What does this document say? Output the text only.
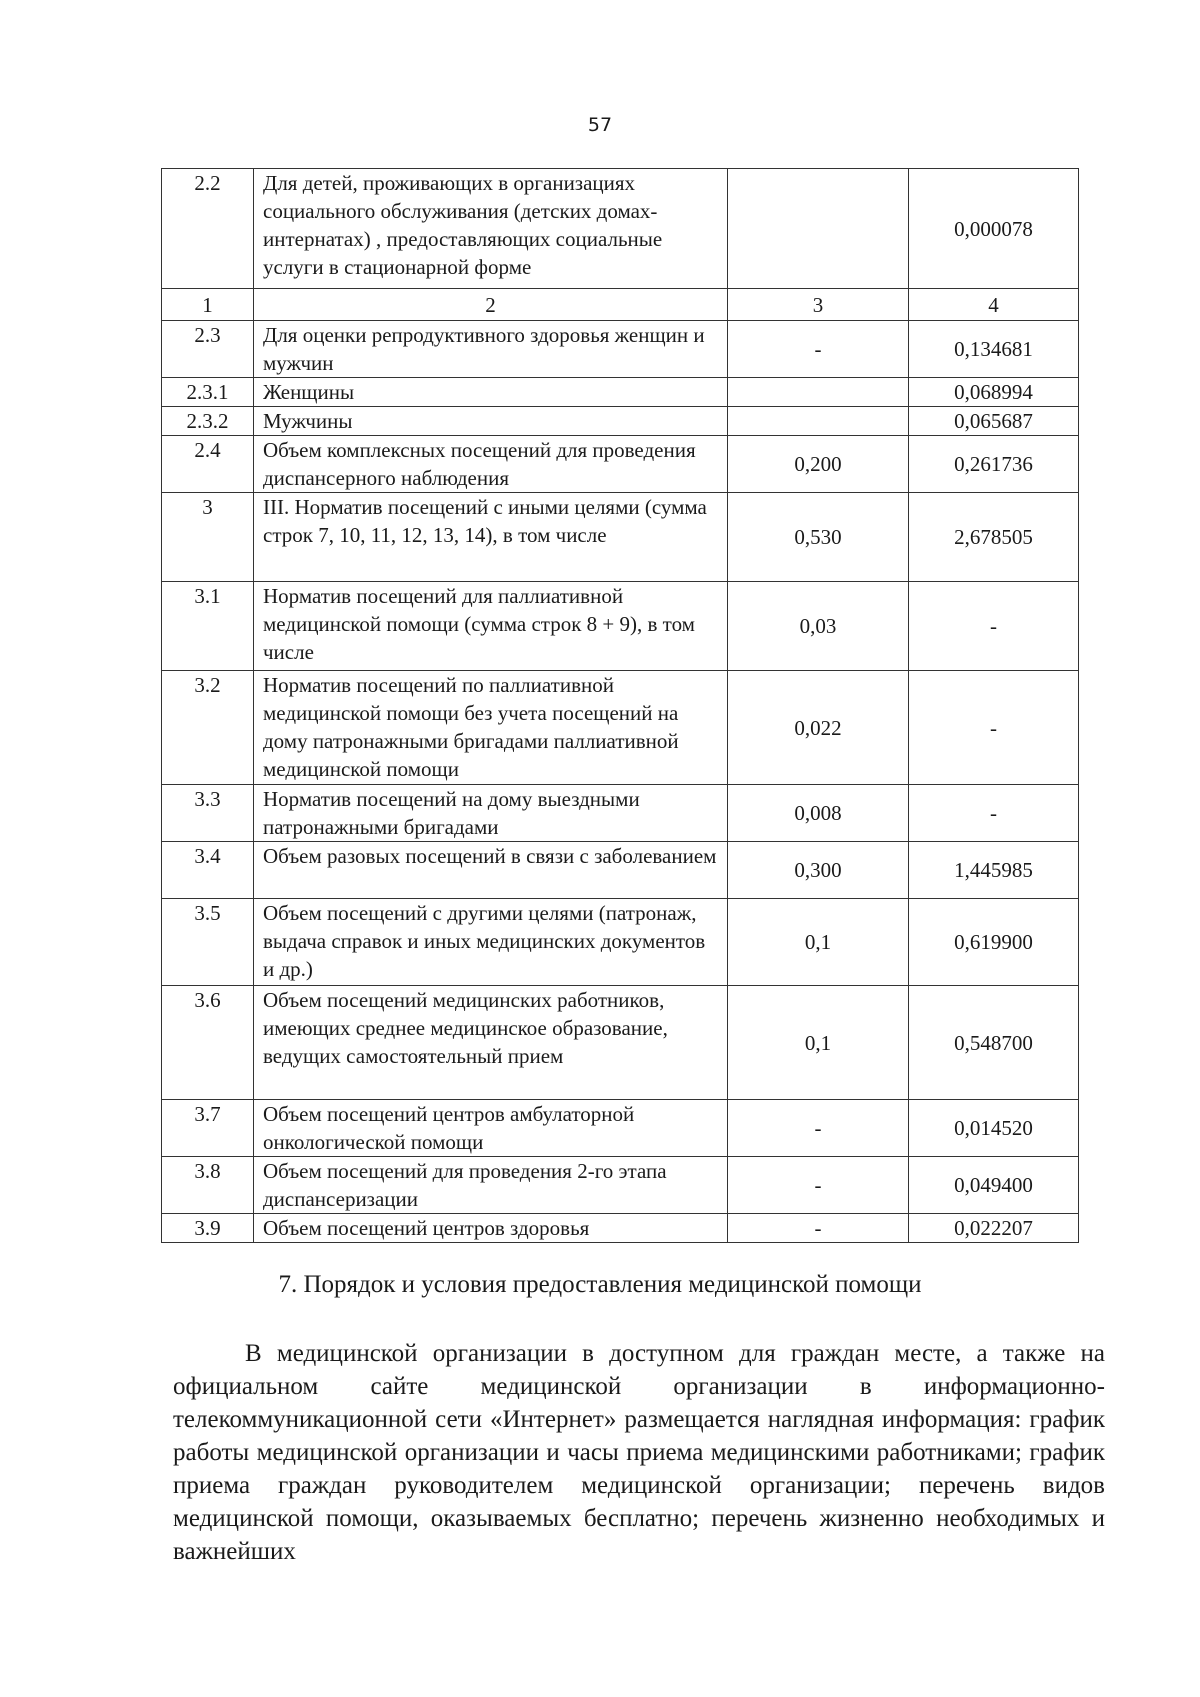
57
2.2	Для детей, проживающих в организациях социального обслуживания (детских домах-интернатах) , предоставляющих социальные услуги в стационарной форме		0,000078
1	2	3	4
2.3	Для оценки репродуктивного здоровья женщин и мужчин	-	0,134681
2.3.1	Женщины		0,068994
2.3.2	Мужчины		0,065687
2.4	Объем комплексных посещений для проведения диспансерного наблюдения	0,200	0,261736
3	III. Норматив посещений с иными целями (сумма строк 7, 10, 11, 12, 13, 14), в том числе	0,530	2,678505
3.1	Норматив посещений для паллиативной медицинской помощи (сумма строк 8 + 9), в том числе	0,03	-
3.2	Норматив посещений по паллиативной медицинской помощи без учета посещений на дому патронажными бригадами паллиативной медицинской помощи	0,022	-
3.3	Норматив посещений на дому выездными патронажными бригадами	0,008	-
3.4	Объем разовых посещений в связи с заболеванием	0,300	1,445985
3.5	Объем посещений с другими целями (патронаж, выдача справок и иных медицинских документов и др.)	0,1	0,619900
3.6	Объем посещений медицинских работников, имеющих среднее медицинское образование, ведущих самостоятельный прием	0,1	0,548700
3.7	Объем посещений центров амбулаторной онкологической помощи	-	0,014520
3.8	Объем посещений для проведения 2-го этапа диспансеризации	-	0,049400
3.9	Объем посещений центров здоровья	-	0,022207
7. Порядок и условия предоставления медицинской помощи

В медицинской организации в доступном для граждан месте, а также на официальном сайте медицинской организации в информационно-телекоммуникационной сети «Интернет» размещается наглядная информация: график работы медицинской организации и часы приема медицинскими работниками; график приема граждан руководителем медицинской организации; перечень видов медицинской помощи, оказываемых бесплатно; перечень жизненно необходимых и важнейших
